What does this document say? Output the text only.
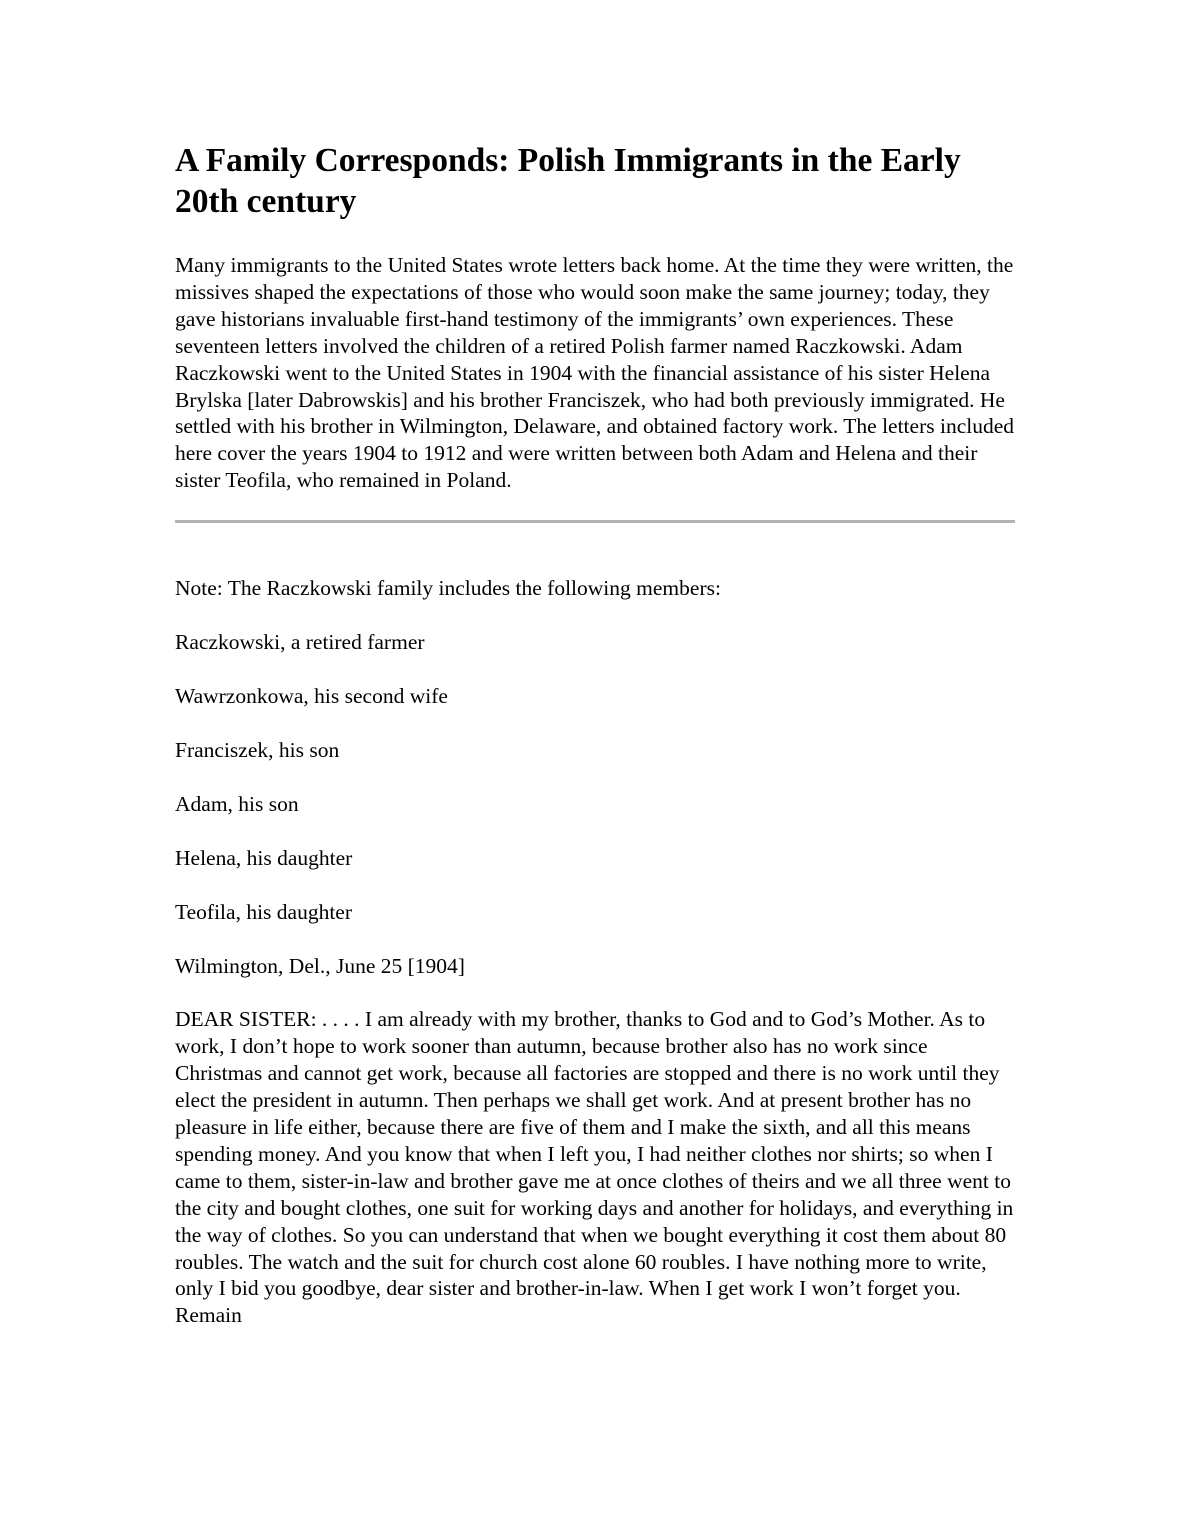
A Family Corresponds: Polish Immigrants in the Early 20th century

Many immigrants to the United States wrote letters back home. At the time they were written, the missives shaped the expectations of those who would soon make the same journey; today, they gave historians invaluable first-hand testimony of the immigrants’ own experiences. These seventeen letters involved the children of a retired Polish farmer named Raczkowski. Adam Raczkowski went to the United States in 1904 with the financial assistance of his sister Helena Brylska [later Dabrowskis] and his brother Franciszek, who had both previously immigrated. He settled with his brother in Wilmington, Delaware, and obtained factory work. The letters included here cover the years 1904 to 1912 and were written between both Adam and Helena and their sister Teofila, who remained in Poland.

Note: The Raczkowski family includes the following members:

Raczkowski, a retired farmer

Wawrzonkowa, his second wife

Franciszek, his son

Adam, his son

Helena, his daughter

Teofila, his daughter

Wilmington, Del., June 25 [1904]

DEAR SISTER: . . . . I am already with my brother, thanks to God and to God’s Mother. As to work, I don’t hope to work sooner than autumn, because brother also has no work since Christmas and cannot get work, because all factories are stopped and there is no work until they elect the president in autumn. Then perhaps we shall get work. And at present brother has no pleasure in life either, because there are five of them and I make the sixth, and all this means spending money. And you know that when I left you, I had neither clothes nor shirts; so when I came to them, sister-in-law and brother gave me at once clothes of theirs and we all three went to the city and bought clothes, one suit for working days and another for holidays, and everything in the way of clothes. So you can understand that when we bought everything it cost them about 80 roubles. The watch and the suit for church cost alone 60 roubles. I have nothing more to write, only I bid you goodbye, dear sister and brother-in-law. When I get work I won’t forget you. Remain
